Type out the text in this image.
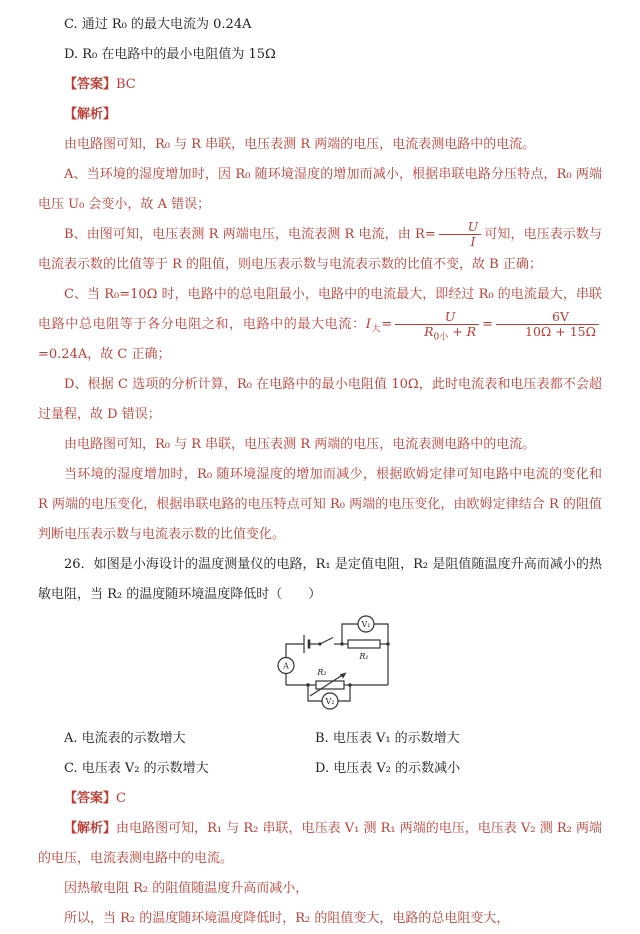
C. 通过 R₀ 的最大电流为 0.24A

D. R₀ 在电路中的最小电阻值为 15Ω

【答案】BC

【解析】

由电路图可知，R₀ 与 R 串联，电压表测 R 两端的电压，电流表测电路中的电流。

A、当环境的湿度增加时，因 R₀ 随环境湿度的增加而减小，根据串联电路分压特点，R₀ 两端电压 U₀ 会变小，故 A 错误；

B、由图可知，电压表测 R 两端电压，电流表测 R 电流，由 $R= \frac{U}{I}$ 可知，电压表示数与电流表示数的比值等于 R 的阻值，则电压表示数与电流表示数的比值不变，故 B 正确；

C、当 R₀=10Ω 时，电路中的总电阻最小，电路中的电流最大，即经过 R₀ 的电流最大，串联电路中总电阻等于各分电阻之和，电路中的最大电流：$I_大= \frac{U}{R_{0小} + R} = \frac{6V}{10\Omega + 15\Omega}$
=0.24A，故 C 正确；

D、根据 C 选项的分析计算，R₀ 在电路中的最小电阻值 10Ω，此时电流表和电压表都不会超过量程，故 D 错误；

由电路图可知，R₀ 与 R 串联，电压表测 R 两端的电压，电流表测电路中的电流。

当环境的湿度增加时，R₀ 随环境湿度的增加而减少，根据欧姆定律可知电路中电流的变化和 R 两端的电压变化，根据串联电路的电压特点可知 R₀ 两端的电压变化，由欧姆定律结合 R 的阻值判断电压表示数与电流表示数的比值变化。

26．如图是小海设计的温度测量仪的电路，R₁ 是定值电阻，R₂ 是阻值随温度升高而减小的热敏电阻，当 R₂ 的温度随环境温度降低时（　　）

V₁
A
V₂
R₁
R₂
A. 电流表的示数增大	B. 电压表 V₁ 的示数增大
C. 电压表 V₂ 的示数增大	D. 电压表 V₂ 的示数减小

【答案】C

【解析】由电路图可知，R₁ 与 R₂ 串联，电压表 V₁ 测 R₁ 两端的电压，电压表 V₂ 测 R₂ 两端的电压，电流表测电路中的电流。

因热敏电阻 R₂ 的阻值随温度升高而减小，

所以，当 R₂ 的温度随环境温度降低时，R₂ 的阻值变大，电路的总电阻变大，
